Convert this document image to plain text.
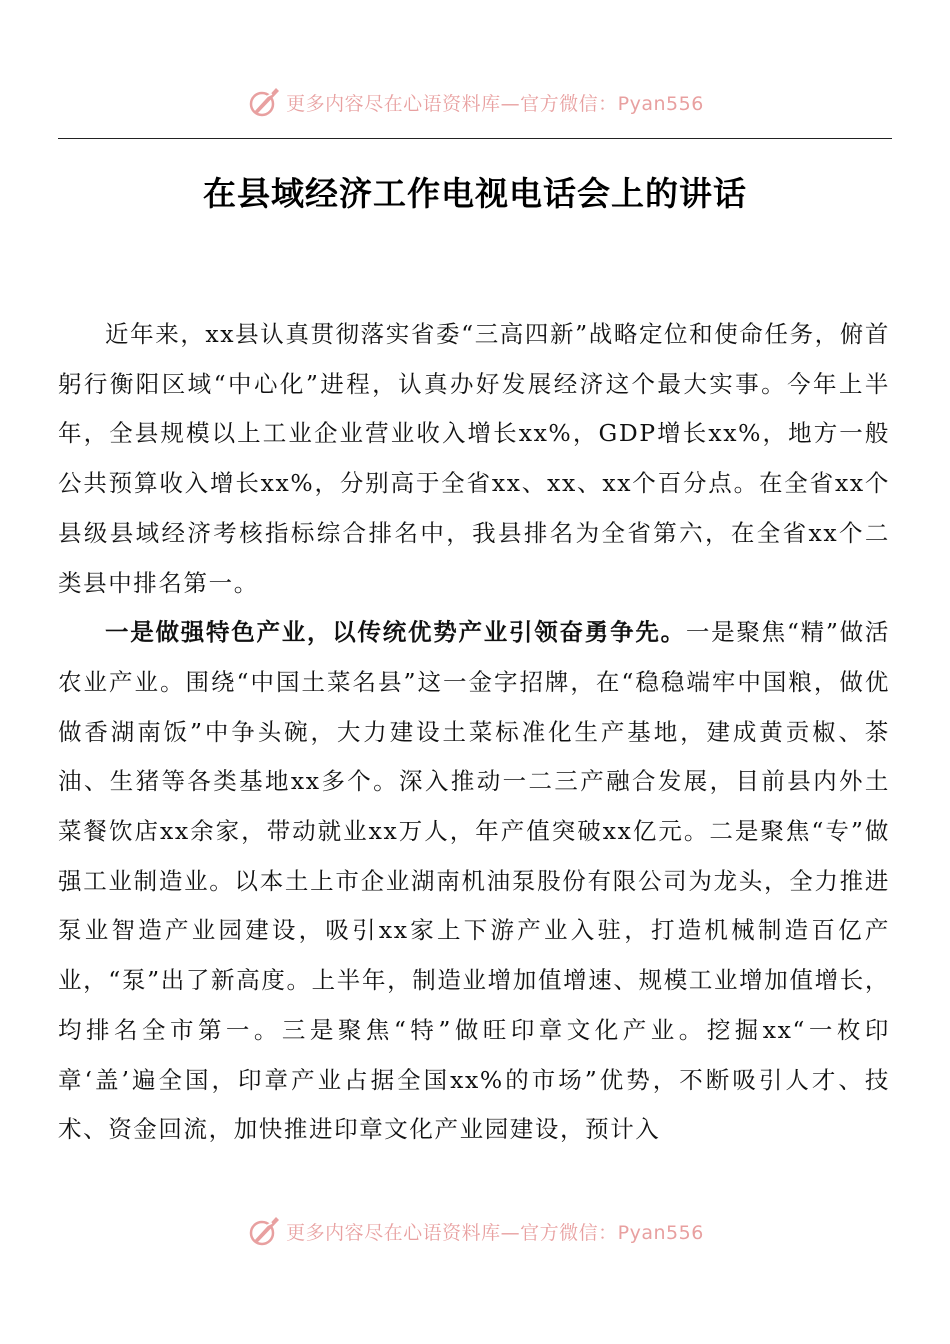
更多内容尽在心语资料库—官方微信：Pyan556
在县域经济工作电视电话会上的讲话

近年来，xx县认真贯彻落实省委“三高四新”战略定位和使命任务，俯首躬行衡阳区域“中心化”进程，认真办好发展经济这个最大实事。今年上半年，全县规模以上工业企业营业收入增长xx%，GDP增长xx%，地方一般公共预算收入增长xx%，分别高于全省xx、xx、xx个百分点。在全省xx个县级县域经济考核指标综合排名中，我县排名为全省第六，在全省xx个二类县中排名第一。

一是做强特色产业，以传统优势产业引领奋勇争先。一是聚焦“精”做活农业产业。围绕“中国土菜名县”这一金字招牌，在“稳稳端牢中国粮，做优做香湖南饭”中争头碗，大力建设土菜标准化生产基地，建成黄贡椒、茶油、生猪等各类基地xx多个。深入推动一二三产融合发展，目前县内外土菜餐饮店xx余家，带动就业xx万人，年产值突破xx亿元。二是聚焦“专”做强工业制造业。以本土上市企业湖南机油泵股份有限公司为龙头，全力推进泵业智造产业园建设，吸引xx家上下游产业入驻，打造机械制造百亿产业，“泵”出了新高度。上半年，制造业增加值增速、规模工业增加值增长，均排名全市第一。三是聚焦“特”做旺印章文化产业。挖掘xx“一枚印章‘盖’遍全国，印章产业占据全国xx%的市场”优势，不断吸引人才、技术、资金回流，加快推进印章文化产业园建设，预计入

更多内容尽在心语资料库—官方微信：Pyan556
